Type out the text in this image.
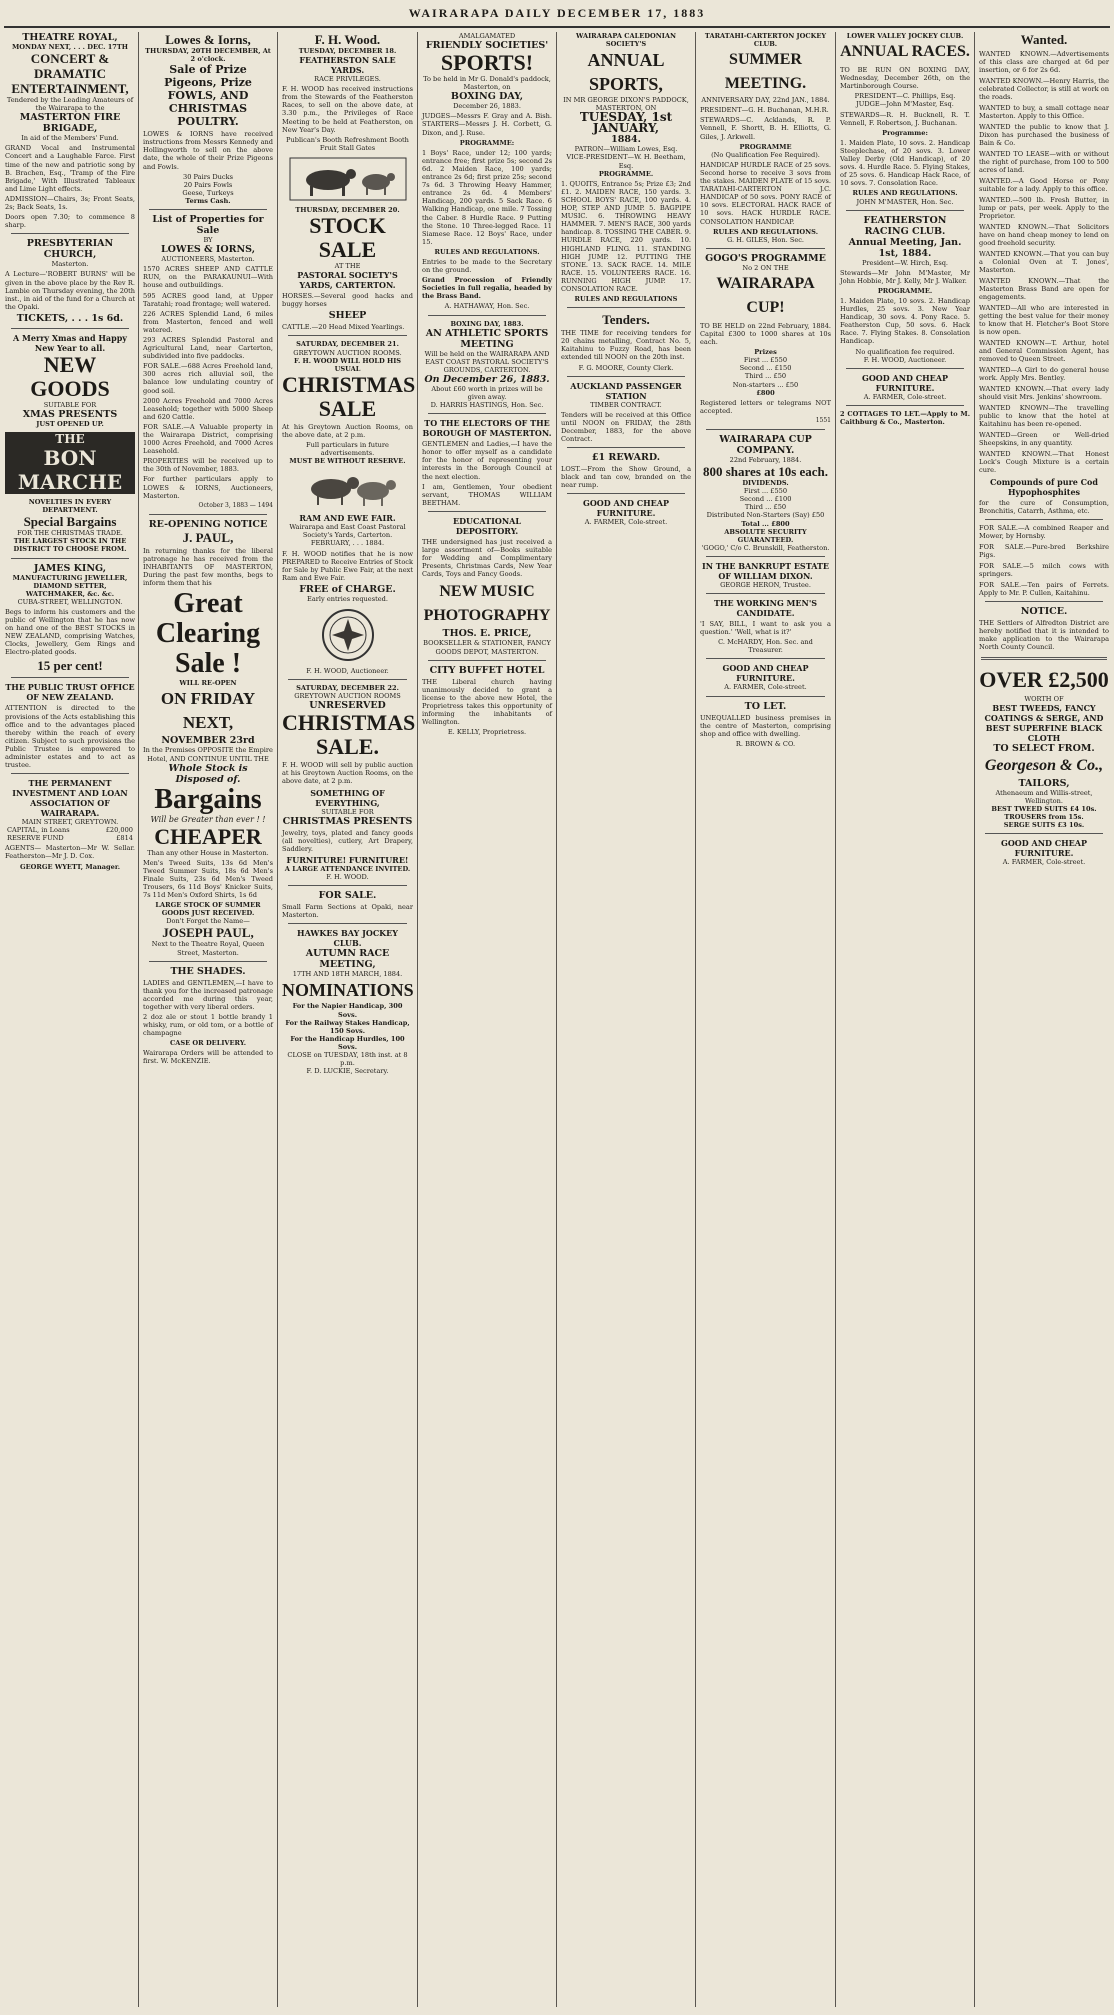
WAIRARAPA DAILY DECEMBER 17, 1883
THEATRE ROYAL,
MONDAY NEXT, . . . DEC. 17TH
CONCERT & DRAMATIC ENTERTAINMENT,
Tendered by the Leading Amateurs of the Wairarapa to the
MASTERTON FIRE BRIGADE,
In aid of the Members' Fund.
GRAND Vocal and Instrumental Concert and a Laughable Farce. First time of the new and patriotic song by B. Brachen, Esq., 'Tramp of the Fire Brigade,' With Illustrated Tableaux and Lime Light effects.
ADMISSION—Chairs, 3s; Front Seats, 2s; Back Seats, 1s.
Doors open 7.30; to commence 8 sharp.
PRESBYTERIAN CHURCH,
Masterton.
A Lecture—'ROBERT BURNS' will be given in the above place by the Rev R. Lambie on Thursday evening, the 20th inst., in aid of the fund for a Church at the Opaki.
TICKETS, . . . 1s 6d.
A Merry Xmas and Happy New Year to all.
NEW GOODS
SUITABLE FOR
XMAS PRESENTS
JUST OPENED UP.
THE
BON MARCHE
NOVELTIES IN EVERY DEPARTMENT.
Special Bargains
FOR THE CHRISTMAS TRADE.
THE LARGEST STOCK IN THE DISTRICT TO CHOOSE FROM.
JAMES KING,
MANUFACTURING JEWELLER, DIAMOND SETTER, WATCHMAKER, &c. &c.
CUBA-STREET, WELLINGTON.
Begs to inform his customers and the public of Wellington that he has now on hand one of the BEST STOCKS in NEW ZEALAND, comprising Watches, Clocks, Jewellery, Gem Rings and Electro-plated goods.
15 per cent!
THE PUBLIC TRUST OFFICE OF NEW ZEALAND.
ATTENTION is directed to the provisions of the Acts establishing this office and to the advantages placed thereby within the reach of every citizen. Subject to such provisions the Public Trustee is empowered to administer estates and to act as trustee.
THE PERMANENT INVESTMENT AND LOAN ASSOCIATION OF WAIRARAPA.
MAIN STREET, GREYTOWN.
CAPITAL, in Loans	£20,000
RESERVE FUND	£814
AGENTS— Masterton—Mr W. Sellar. Featherston—Mr J. D. Cox.
GEORGE WYETT, Manager.
Lowes & Iorns,
THURSDAY, 20TH DECEMBER, At 2 o'clock.
Sale of Prize Pigeons, Prize FOWLS, AND CHRISTMAS POULTRY.
LOWES & IORNS have received instructions from Messrs Kennedy and Hollingworth to sell on the above date, the whole of their Prize Pigeons and Fowls.
30 Pairs Ducks
20 Pairs Fowls
Geese, Turkeys
Terms Cash.
List of Properties for Sale
BY
LOWES & IORNS,
AUCTIONEERS, Masterton.
1570 ACRES SHEEP AND CATTLE RUN, on the PARAKAUNUI—With house and outbuildings.
595 ACRES good land, at Upper Taratahi; road frontage; well watered.
226 ACRES Splendid Land, 6 miles from Masterton, fenced and well watered.
293 ACRES Splendid Pastoral and Agricultural Land, near Carterton, subdivided into five paddocks.
FOR SALE.—688 Acres Freehold land, 300 acres rich alluvial soil, the balance low undulating country of good soil.
2000 Acres Freehold and 7000 Acres Leasehold; together with 5000 Sheep and 620 Cattle.
FOR SALE.—A Valuable property in the Wairarapa District, comprising 1000 Acres Freehold, and 7000 Acres Leasehold.
PROPERTIES will be received up to the 30th of November, 1883.
For further particulars apply to LOWES & IORNS, Auctioneers, Masterton.
October 3, 1883 — 1494
RE-OPENING NOTICE
J. PAUL,
In returning thanks for the liberal patronage he has received from the INHABITANTS OF MASTERTON, During the past few months, begs to inform them that his
Great
Clearing
Sale !
WILL RE-OPEN
ON FRIDAY NEXT,
NOVEMBER 23rd
In the Premises OPPOSITE the Empire Hotel, AND CONTINUE UNTIL THE
Whole Stock is Disposed of.
Bargains
Will be Greater than ever ! !
CHEAPER
Than any other House in Masterton.
Men's Tweed Suits, 13s 6d Men's Tweed Summer Suits, 18s 6d Men's Finale Suits, 23s 6d Men's Tweed Trousers, 6s 11d Boys' Knicker Suits, 7s 11d Men's Oxford Shirts, 1s 6d
LARGE STOCK OF SUMMER GOODS JUST RECEIVED.
Don't Forget the Name—
JOSEPH PAUL,
Next to the Theatre Royal, Queen Street, Masterton.
THE SHADES.
LADIES and GENTLEMEN,—I have to thank you for the increased patronage accorded me during this year, together with very liberal orders.
2 doz ale or stout 1 bottle brandy 1 whisky, rum, or old tom, or a bottle of champagne
CASE OR DELIVERY.
Wairarapa Orders will be attended to first. W. McKENZIE.
F. H. Wood.
TUESDAY, DECEMBER 18.
FEATHERSTON SALE YARDS.
RACE PRIVILEGES.
F. H. WOOD has received instructions from the Stewards of the Featherston Races, to sell on the above date, at 3.30 p.m., the Privileges of Race Meeting to be held at Featherston, on New Year's Day.
Publican's Booth Refreshment Booth Fruit Stall Gates
THURSDAY, DECEMBER 20.
STOCK SALE
AT THE
PASTORAL SOCIETY'S YARDS, CARTERTON.
HORSES.—Several good hacks and buggy horses
SHEEP
CATTLE.—20 Head Mixed Yearlings.
SATURDAY, DECEMBER 21.
GREYTOWN AUCTION ROOMS.
F. H. WOOD WILL HOLD HIS USUAL
CHRISTMAS SALE
At his Greytown Auction Rooms, on the above date, at 2 p.m.
Full particulars in future advertisements.
MUST BE WITHOUT RESERVE.
RAM AND EWE FAIR.
Wairarapa and East Coast Pastoral Society's Yards, Carterton.
FEBRUARY, . . . 1884.
F. H. WOOD notifies that he is now PREPARED to Receive Entries of Stock for Sale by Public Ewe Fair, at the next Ram and Ewe Fair.
FREE of CHARGE.
Early entries requested.
F. H. WOOD, Auctioneer.
SATURDAY, DECEMBER 22.
GREYTOWN AUCTION ROOMS
UNRESERVED
CHRISTMAS SALE.
F. H. WOOD will sell by public auction at his Greytown Auction Rooms, on the above date, at 2 p.m.
SOMETHING OF EVERYTHING,
SUITABLE FOR
CHRISTMAS PRESENTS
Jewelry, toys, plated and fancy goods (all novelties), cutlery, Art Drapery, Saddlery.
FURNITURE! FURNITURE!
A LARGE ATTENDANCE INVITED.
F. H. WOOD.
FOR SALE.
Small Farm Sections at Opaki, near Masterton.
HAWKES BAY JOCKEY CLUB.
AUTUMN RACE MEETING,
17TH AND 18TH MARCH, 1884.
NOMINATIONS
For the Napier Handicap, 300 Sovs.
For the Railway Stakes Handicap, 150 Sovs.
For the Handicap Hurdles, 100 Sovs.
CLOSE on TUESDAY, 18th inst. at 8 p.m.
F. D. LUCKIE, Secretary.
AMALGAMATED
FRIENDLY SOCIETIES'
SPORTS!
To be held in Mr G. Donald's paddock, Masterton, on
BOXING DAY,
December 26, 1883.
JUDGES—Messrs F. Gray and A. Bish. STARTERS—Messrs J. H. Corbett, G. Dixon, and J. Ruse.
PROGRAMME:
1 Boys' Race, under 12; 100 yards; entrance free; first prize 5s; second 2s 6d. 2 Maiden Race, 100 yards; entrance 2s 6d; first prize 25s; second 7s 6d. 3 Throwing Heavy Hammer, entrance 2s 6d. 4 Members' Handicap, 200 yards. 5 Sack Race. 6 Walking Handicap, one mile. 7 Tossing the Caber. 8 Hurdle Race. 9 Putting the Stone. 10 Three-legged Race. 11 Siamese Race. 12 Boys' Race, under 15.
RULES AND REGULATIONS.
Entries to be made to the Secretary on the ground.
Grand Procession of Friendly Societies in full regalia, headed by the Brass Band.
A. HATHAWAY, Hon. Sec.
BOXING DAY, 1883.
AN ATHLETIC SPORTS MEETING
Will be held on the WAIRARAPA AND EAST COAST PASTORAL SOCIETY'S GROUNDS, CARTERTON.
On December 26, 1883.
About £60 worth in prizes will be given away.
D. HARRIS HASTINGS, Hon. Sec.
TO THE ELECTORS OF THE BOROUGH OF MASTERTON.
GENTLEMEN and Ladies,—I have the honor to offer myself as a candidate for the honor of representing your interests in the Borough Council at the next election.
I am, Gentlemen, Your obedient servant, THOMAS WILLIAM BEETHAM.
EDUCATIONAL DEPOSITORY.
THE undersigned has just received a large assortment of—Books suitable for Wedding and Complimentary Presents, Christmas Cards, New Year Cards, Toys and Fancy Goods.
NEW MUSIC
PHOTOGRAPHY
THOS. E. PRICE,
BOOKSELLER & STATIONER, FANCY GOODS DEPOT, MASTERTON.
CITY BUFFET HOTEL
THE Liberal church having unanimously decided to grant a license to the above new Hotel, the Proprietress takes this opportunity of informing the inhabitants of Wellington.
E. KELLY, Proprietress.
WAIRARAPA CALEDONIAN SOCIETY'S
ANNUAL SPORTS,
IN MR GEORGE DIXON'S PADDOCK, MASTERTON, ON
TUESDAY, 1st JANUARY,
1884.
PATRON—William Lowes, Esq.
VICE-PRESIDENT—W. H. Beetham, Esq.
PROGRAMME.
1. QUOITS, Entrance 5s; Prize £3; 2nd £1. 2. MAIDEN RACE, 150 yards. 3. SCHOOL BOYS' RACE, 100 yards. 4. HOP, STEP AND JUMP. 5. BAGPIPE MUSIC. 6. THROWING HEAVY HAMMER. 7. MEN'S RACE, 300 yards handicap. 8. TOSSING THE CABER. 9. HURDLE RACE, 220 yards. 10. HIGHLAND FLING. 11. STANDING HIGH JUMP. 12. PUTTING THE STONE. 13. SACK RACE. 14. MILE RACE. 15. VOLUNTEERS RACE. 16. RUNNING HIGH JUMP. 17. CONSOLATION RACE.
RULES AND REGULATIONS
Tenders.
THE TIME for receiving tenders for 20 chains metalling, Contract No. 5, Kaitahinu to Fuzzy Road, has been extended till NOON on the 20th inst.
F. G. MOORE, County Clerk.
AUCKLAND PASSENGER STATION
TIMBER CONTRACT.
Tenders will be received at this Office until NOON on FRIDAY, the 28th December, 1883, for the above Contract.
£1 REWARD.
LOST.—From the Show Ground, a black and tan cow, branded on the near rump.
GOOD AND CHEAP FURNITURE.
A. FARMER, Cole-street.
TARATAHI-CARTERTON JOCKEY CLUB.
SUMMER MEETING.
ANNIVERSARY DAY, 22nd JAN., 1884.
PRESIDENT—G. H. Buchanan, M.H.R.
STEWARDS—C. Acklands, R. P. Vennell, F. Shortt, B. H. Elliotts, G. Giles, J. Arkwell.
PROGRAMME
(No Qualification Fee Required).
HANDICAP HURDLE RACE of 25 sovs. Second horse to receive 3 sovs from the stakes. MAIDEN PLATE of 15 sovs. TARATAHI-CARTERTON J.C. HANDICAP of 50 sovs. PONY RACE of 10 sovs. ELECTORAL HACK RACE of 10 sovs. HACK HURDLE RACE. CONSOLATION HANDICAP.
RULES AND REGULATIONS.
G. H. GILES, Hon. Sec.
GOGO'S PROGRAMME
No 2 ON THE
WAIRARAPA CUP!
TO BE HELD on 22nd February, 1884. Capital £300 to 1000 shares at 10s each.
Prizes
First ... £550
Second ... £150
Third ... £50
Non-starters ... £50
£800
Registered letters or telegrams NOT accepted.
1551
WAIRARAPA CUP COMPANY.
22nd February, 1884.
800 shares at 10s each.
DIVIDENDS.
First ... £550
Second ... £100
Third ... £50
Distributed Non-Starters (Say) £50
Total ... £800
ABSOLUTE SECURITY GUARANTEED.
'GOGO,' C/o C. Brunskill, Featherston.
IN THE BANKRUPT ESTATE OF WILLIAM DIXON.
GEORGE HERON, Trustee.
THE WORKING MEN'S CANDIDATE.
'I SAY, BILL, I want to ask you a question.' 'Well, what is it?'
C. McHARDY, Hon. Sec. and Treasurer.
GOOD AND CHEAP FURNITURE.
A. FARMER, Cole-street.
TO LET.
UNEQUALLED business premises in the centre of Masterton, comprising shop and office with dwelling.
R. BROWN & CO.
LOWER VALLEY JOCKEY CLUB.
ANNUAL RACES.
TO BE RUN ON BOXING DAY, Wednesday, December 26th, on the Martinborough Course.
PRESIDENT—C. Phillips, Esq.
JUDGE—John M'Master, Esq.
STEWARDS—R. H. Bucknell, R. T. Vennell, F. Robertson, J. Buchanan.
Programme:
1. Maiden Plate, 10 sovs. 2. Handicap Steeplechase, of 20 sovs. 3. Lower Valley Derby (Old Handicap), of 20 sovs. 4. Hurdle Race. 5. Flying Stakes, of 25 sovs. 6. Handicap Hack Race, of 10 sovs. 7. Consolation Race.
RULES AND REGULATIONS.
JOHN M'MASTER, Hon. Sec.
FEATHERSTON RACING CLUB.
Annual Meeting, Jan. 1st, 1884.
President—W. Hirch, Esq.
Stewards—Mr John M'Master, Mr John Hobbie, Mr J. Kelly, Mr J. Walker.
PROGRAMME.
1. Maiden Plate, 10 sovs. 2. Handicap Hurdles, 25 sovs. 3. New Year Handicap, 30 sovs. 4. Pony Race. 5. Featherston Cup, 50 sovs. 6. Hack Race. 7. Flying Stakes. 8. Consolation Handicap.
No qualification fee required.
F. H. WOOD, Auctioneer.
GOOD AND CHEAP FURNITURE.
A. FARMER, Cole-street.
2 COTTAGES TO LET.—Apply to M. Caithburg & Co., Masterton.
Wanted.
WANTED KNOWN.—Advertisements of this class are charged at 6d per insertion, or 6 for 2s 6d.
WANTED KNOWN.—Henry Harris, the celebrated Collector, is still at work on the roads.
WANTED to buy, a small cottage near Masterton. Apply to this Office.
WANTED the public to know that J. Dixon has purchased the business of Bain & Co.
WANTED TO LEASE—with or without the right of purchase, from 100 to 500 acres of land.
WANTED.—A Good Horse or Pony suitable for a lady. Apply to this office.
WANTED.—500 lb. Fresh Butter, in lump or pats, per week. Apply to the Proprietor.
WANTED KNOWN.—That Solicitors have on hand cheap money to lend on good freehold security.
WANTED KNOWN.—That you can buy a Colonial Oven at T. Jones', Masterton.
WANTED KNOWN.—That the Masterton Brass Band are open for engagements.
WANTED—All who are interested in getting the best value for their money to know that H. Fletcher's Boot Store is now open.
WANTED KNOWN—T. Arthur, hotel and General Commission Agent, has removed to Queen Street.
WANTED—A Girl to do general house work. Apply Mrs. Bentley.
WANTED KNOWN.—That every lady should visit Mrs. Jenkins' showroom.
WANTED KNOWN—The travelling public to know that the hotel at Kaitahinu has been re-opened.
WANTED—Green or Well-dried Sheepskins, in any quantity.
WANTED KNOWN.—That Honest Lock's Cough Mixture is a certain cure.
Compounds of pure Cod Hypophosphites
for the cure of Consumption, Bronchitis, Catarrh, Asthma, etc.
FOR SALE.—A combined Reaper and Mower, by Hornsby.
FOR SALE.—Pure-bred Berkshire Pigs.
FOR SALE.—5 milch cows with springers.
FOR SALE.—Ten pairs of Ferrets. Apply to Mr. P. Cullen, Kaitahinu.
NOTICE.
THE Settlers of Alfredton District are hereby notified that it is intended to make application to the Wairarapa North County Council.
OVER £2,500
WORTH OF
BEST TWEEDS, FANCY COATINGS & SERGE, AND BEST SUPERFINE BLACK CLOTH
TO SELECT FROM.
Georgeson & Co.,
TAILORS,
Athenaeum and Willis-street, Wellington.
BEST TWEED SUITS £4 10s.
TROUSERS from 15s.
SERGE SUITS £3 10s.
GOOD AND CHEAP FURNITURE.
A. FARMER, Cole-street.
